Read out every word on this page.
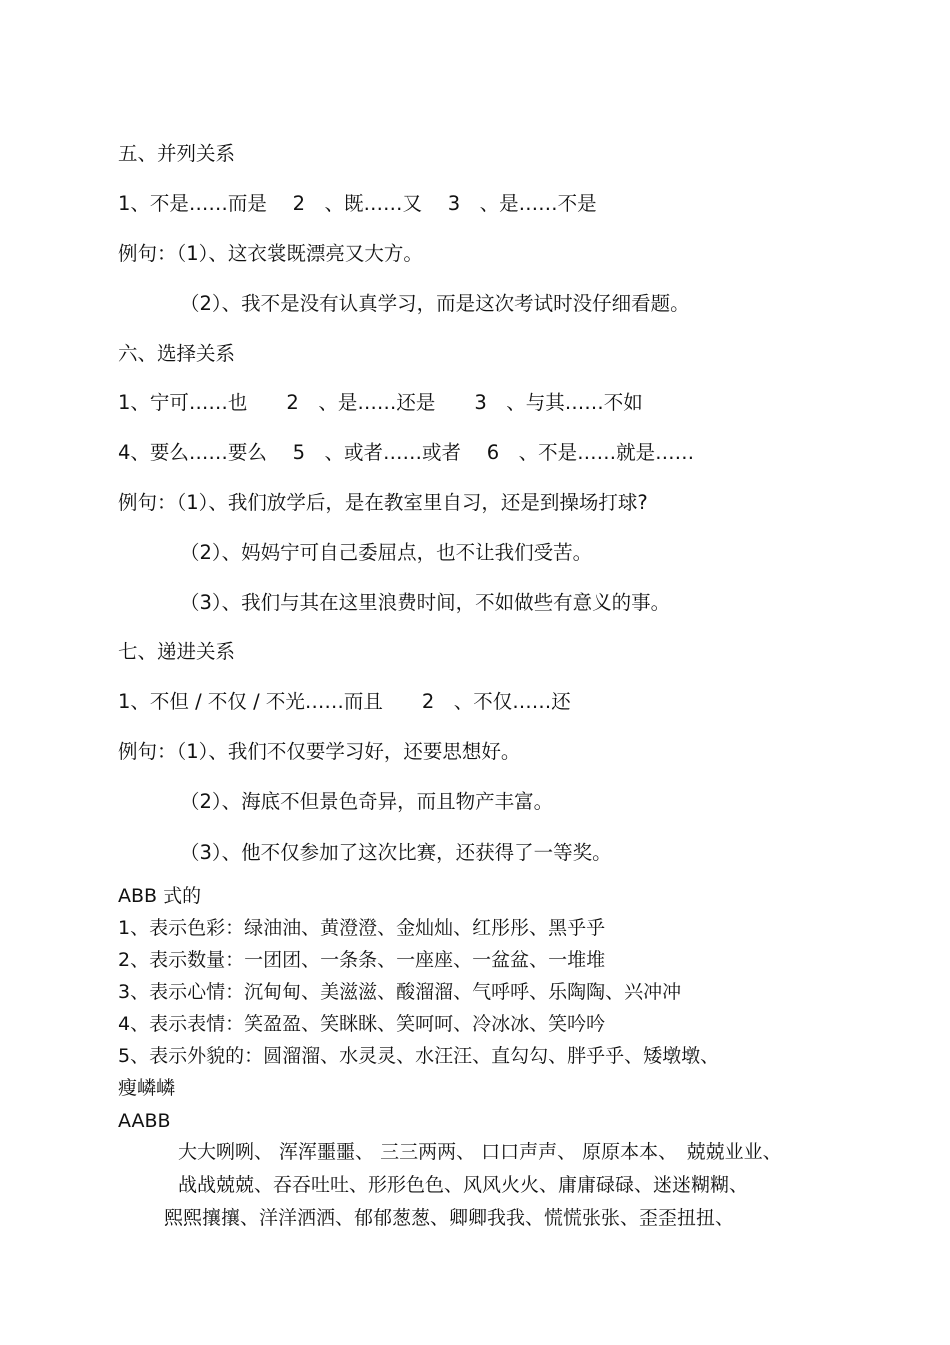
五、并列关系

1、不是……而是　 2　、既……又　 3　、是……不是

例句：（1）、这衣裳既漂亮又大方。

（2）、我不是没有认真学习，而是这次考试时没仔细看题。

六、选择关系

1、宁可……也　　2　、是……还是　　3　、与其……不如

4、要么……要么　 5　、或者……或者　 6　、不是……就是……

例句：（1）、我们放学后，是在教室里自习，还是到操场打球?

（2）、妈妈宁可自己委屈点，也不让我们受苦。

（3）、我们与其在这里浪费时间，不如做些有意义的事。

七、递进关系

1、不但 / 不仅 / 不光……而且　　2　、不仅……还

例句：（1）、我们不仅要学习好，还要思想好。

（2）、海底不但景色奇异，而且物产丰富。

（3）、他不仅参加了这次比赛，还获得了一等奖。

ABB 式的

1、表示色彩：绿油油、黄澄澄、金灿灿、红彤彤、黑乎乎

2、表示数量：一团团、一条条、一座座、一盆盆、一堆堆

3、表示心情：沉甸甸、美滋滋、酸溜溜、气呼呼、乐陶陶、兴冲冲

4、表示表情：笑盈盈、笑眯眯、笑呵呵、冷冰冰、笑吟吟

5、表示外貌的：圆溜溜、水灵灵、水汪汪、直勾勾、胖乎乎、矮墩墩、

瘦嶙嶙

AABB

大大咧咧、 浑浑噩噩、 三三两两、 口口声声、 原原本本、　兢兢业业、

战战兢兢、吞吞吐吐、形形色色、风风火火、庸庸碌碌、迷迷糊糊、

熙熙攘攘、洋洋洒洒、郁郁葱葱、卿卿我我、慌慌张张、歪歪扭扭、
